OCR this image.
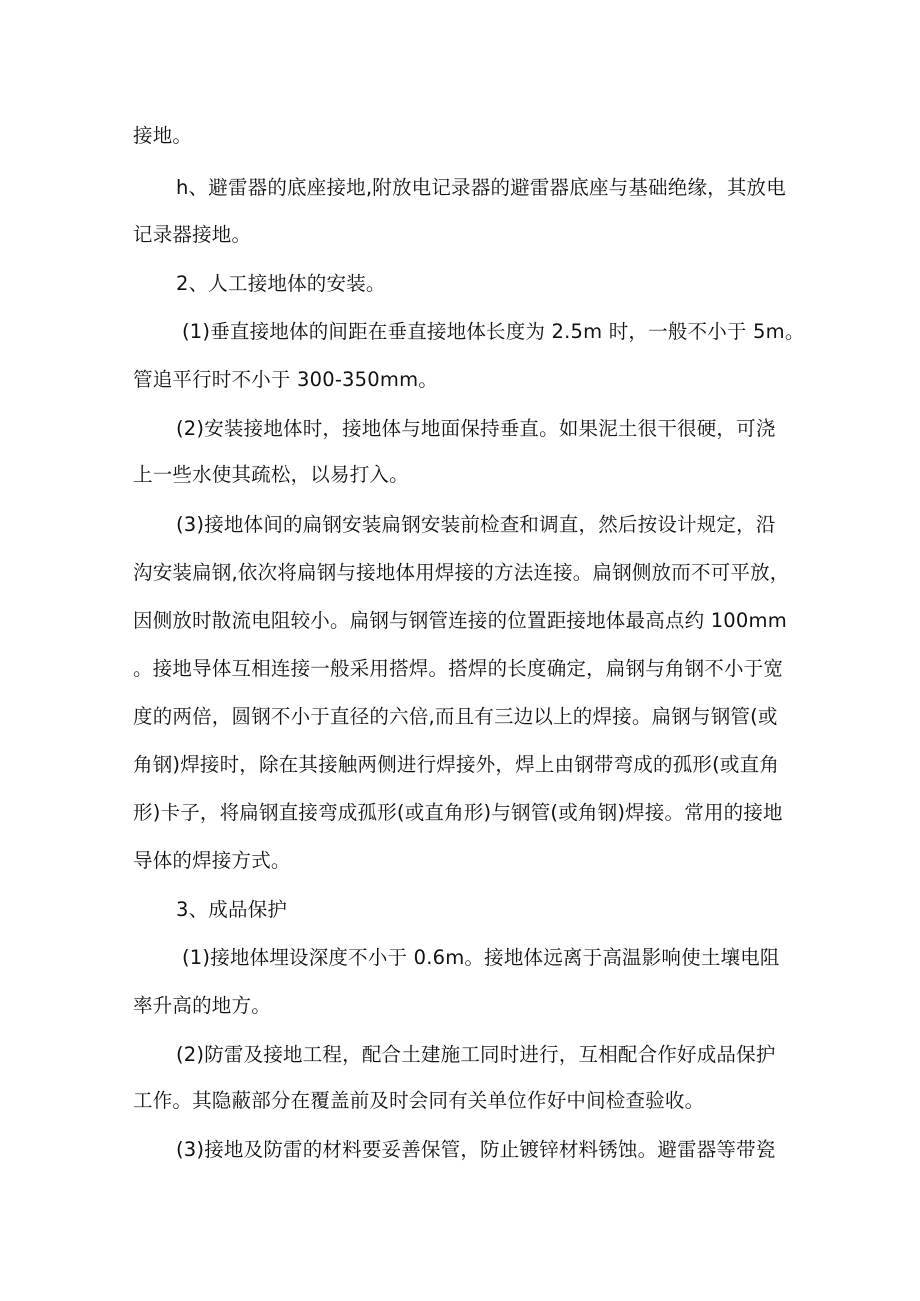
接地。
h、避雷器的底座接地,附放电记录器的避雷器底座与基础绝缘，其放电
记录器接地。
2、人工接地体的安装。
(1)垂直接地体的间距在垂直接地体长度为 2.5m 时，一般不小于 5m。
管追平行时不小于 300-350mm。
(2)安装接地体时，接地体与地面保持垂直。如果泥土很干很硬，可浇
上一些水使其疏松，以易打入。
(3)接地体间的扁钢安装扁钢安装前检查和调直，然后按设计规定，沿
沟安装扁钢,依次将扁钢与接地体用焊接的方法连接。扁钢侧放而不可平放，
因侧放时散流电阻较小。扁钢与钢管连接的位置距接地体最高点约 100mm
。接地导体互相连接一般采用搭焊。搭焊的长度确定，扁钢与角钢不小于宽
度的两倍，圆钢不小于直径的六倍,而且有三边以上的焊接。扁钢与钢管(或
角钢)焊接时，除在其接触两侧进行焊接外，焊上由钢带弯成的孤形(或直角
形)卡子，将扁钢直接弯成孤形(或直角形)与钢管(或角钢)焊接。常用的接地
导体的焊接方式。
3、成品保护
(1)接地体埋设深度不小于 0.6m。接地体远离于高温影响使土壤电阻
率升高的地方。
(2)防雷及接地工程，配合土建施工同时进行，互相配合作好成品保护
工作。其隐蔽部分在覆盖前及时会同有关单位作好中间检查验收。
(3)接地及防雷的材料要妥善保管，防止镀锌材料锈蚀。避雷器等带瓷
